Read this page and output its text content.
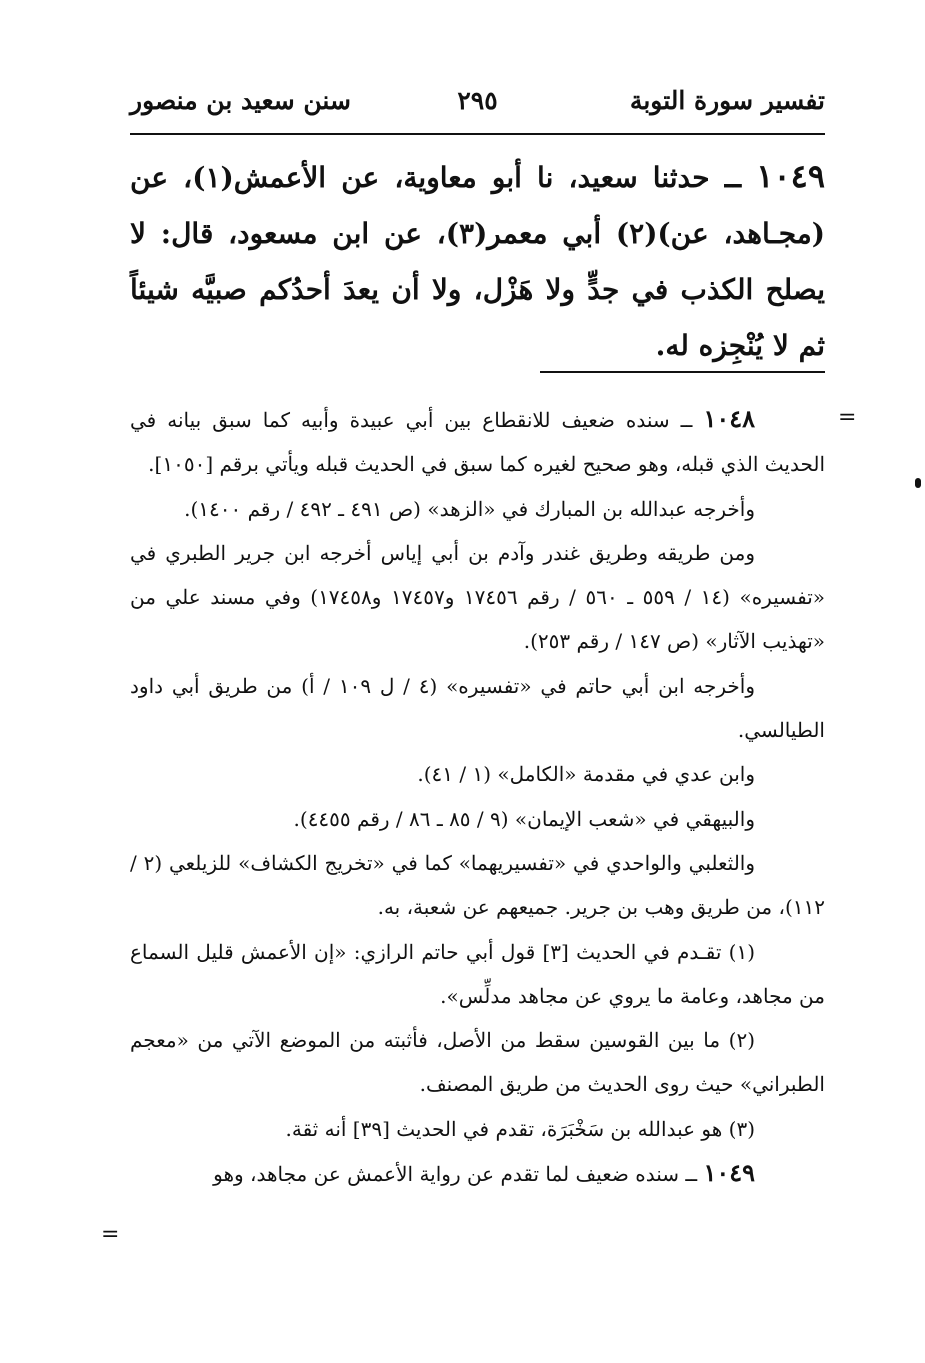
تفسير سورة التوبة
٢٩٥
سنن سعيد بن منصور

١٠٤٩ ــ حدثنا سعيد، نا أبو معاوية، عن الأعمش(١)، عن (مجـاهد، عن)(٢) أبي معمر(٣)، عن ابن مسعود، قال: لا يصلح الكذب في جدٍّ ولا هَزْل، ولا أن يعدَ أحدُكم صبيَّه شيئاً ثم لا يُنْجِزه له.

=

١٠٤٨ ــ سنده ضعيف للانقطاع بين أبي عبيدة وأبيه كما سبق بيانه في الحديث الذي قبله، وهو صحيح لغيره كما سبق في الحديث قبله ويأتي برقم [١٠٥٠].

وأخرجه عبدالله بن المبارك في «الزهد» (ص ٤٩١ ـ ٤٩٢ / رقم ١٤٠٠).

ومن طريقه وطريق غندر وآدم بن أبي إياس أخرجه ابن جرير الطبري في «تفسيره» (١٤ / ٥٥٩ ـ ٥٦٠ / رقم ١٧٤٥٦ و١٧٤٥٧ و١٧٤٥٨) وفي مسند علي من «تهذيب الآثار» (ص ١٤٧ / رقم ٢٥٣).

وأخرجه ابن أبي حاتم في «تفسيره» (٤ / ل ١٠٩ / أ) من طريق أبي داود الطيالسي.

وابن عدي في مقدمة «الكامل» (١ / ٤١).

والبيهقي في «شعب الإيمان» (٩ / ٨٥ ـ ٨٦ / رقم ٤٤٥٥).

والثعلبي والواحدي في «تفسيريهما» كما في «تخريج الكشاف» للزيلعي (٢ / ١١٢)، من طريق وهب بن جرير. جميعهم عن شعبة، به.

(١) تقـدم في الحديث [٣] قول أبي حاتم الرازي: «إن الأعمش قليل السماع من مجاهد، وعامة ما يروي عن مجاهد مدلِّس».

(٢) ما بين القوسين سقط من الأصل، فأثبته من الموضع الآتي من «معجم الطبراني» حيث روى الحديث من طريق المصنف.

(٣) هو عبدالله بن سَخْبَرَة، تقدم في الحديث [٣٩] أنه ثقة.

١٠٤٩ ــ سنده ضعيف لما تقدم عن رواية الأعمش عن مجاهد، وهو

=
